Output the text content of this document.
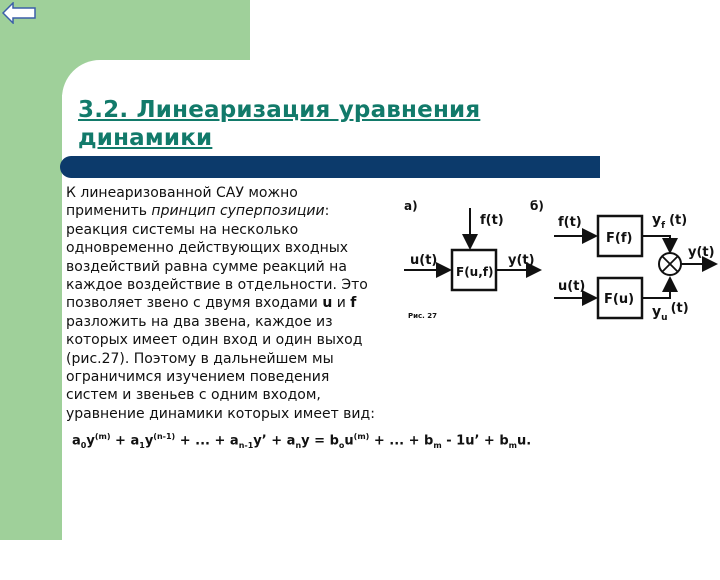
3.2. Линеаризация уравнения
динамики

К линеаризованной САУ можно применить принцип суперпозиции: реакция системы на несколько одновременно действующих входных воздействий равна сумме реакций на каждое воздействие в отдельности. Это позволяет звено с двумя входами u и f разложить на два звена, каждое из которых имеет один вход и один выход (рис.27). Поэтому в дальнейшем мы ограничимся изучением поведения систем и звеньев с одним входом, уравнение динамики которых имеет вид:

$a_0y^{(m)} + a_1y^{(n-1)}$ + ... + $a_{n-1}y$’ + $a_ny = b_ou^{(m)}$ + ... + $b_m - 1u$’ + $b_mu$.
а)
f(t)
F(u,f)
u(t)	y(t)
Рис. 27
б)
f(t)
F(f)
$y_f$ (t)
y(t)
u(t)
F(u)
$y_u(t)$
